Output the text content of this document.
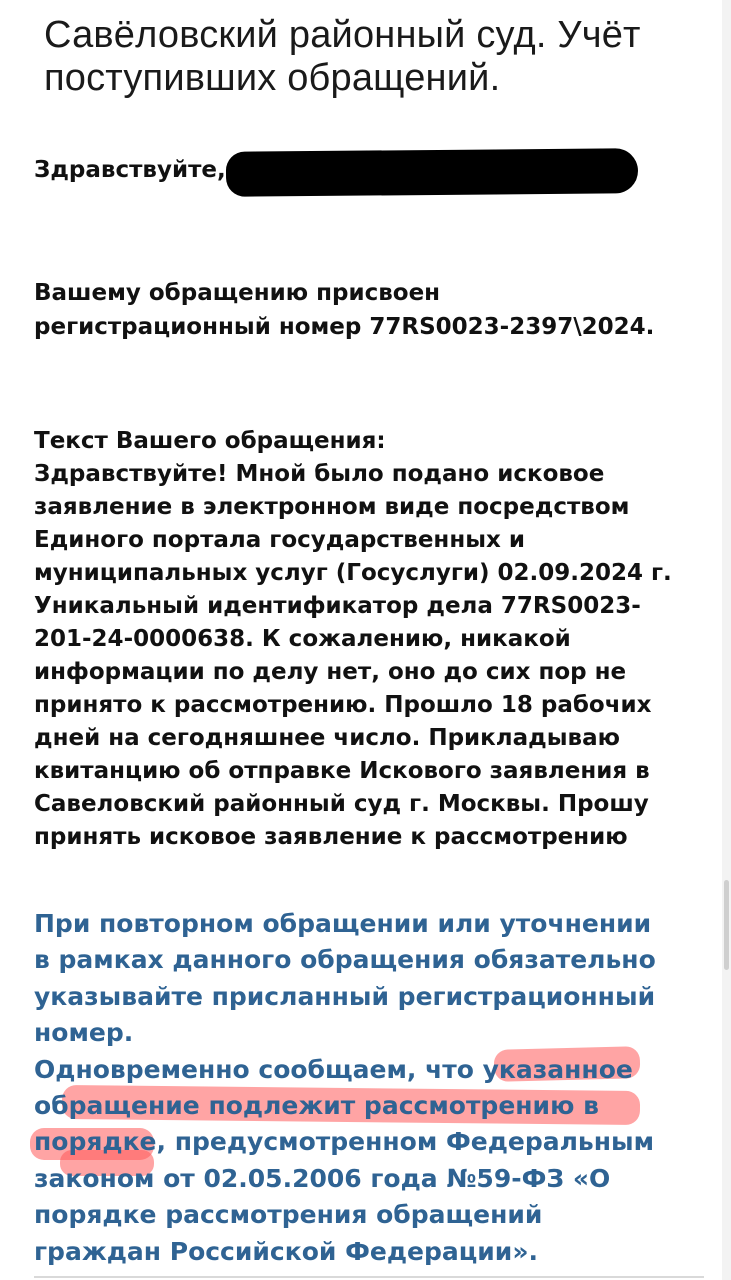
Савёловский районный суд. Учёт поступивших обращений.
Здравствуйте,
Вашему обращению присвоен
регистрационный номер 77RS0023-2397\2024.
Текст Вашего обращения:
Здравствуйте! Мной было подано исковое
заявление в электронном виде посредством
Единого портала государственных и
муниципальных услуг (Госуслуги) 02.09.2024 г.
Уникальный идентификатор дела 77RS0023-
201-24-0000638. К сожалению, никакой
информации по делу нет, оно до сих пор не
принято к рассмотрению. Прошло 18 рабочих
дней на сегодняшнее число. Прикладываю
квитанцию об отправке Искового заявления в
Савеловский районный суд г. Москвы. Прошу
принять исковое заявление к рассмотрению
При повторном обращении или уточнении
в рамках данного обращения обязательно
указывайте присланный регистрационный
номер.
Одновременно сообщаем, что указанное
обращение подлежит рассмотрению в
порядке, предусмотренном Федеральным
законом от 02.05.2006 года №59-ФЗ «О
порядке рассмотрения обращений
граждан Российской Федерации».
